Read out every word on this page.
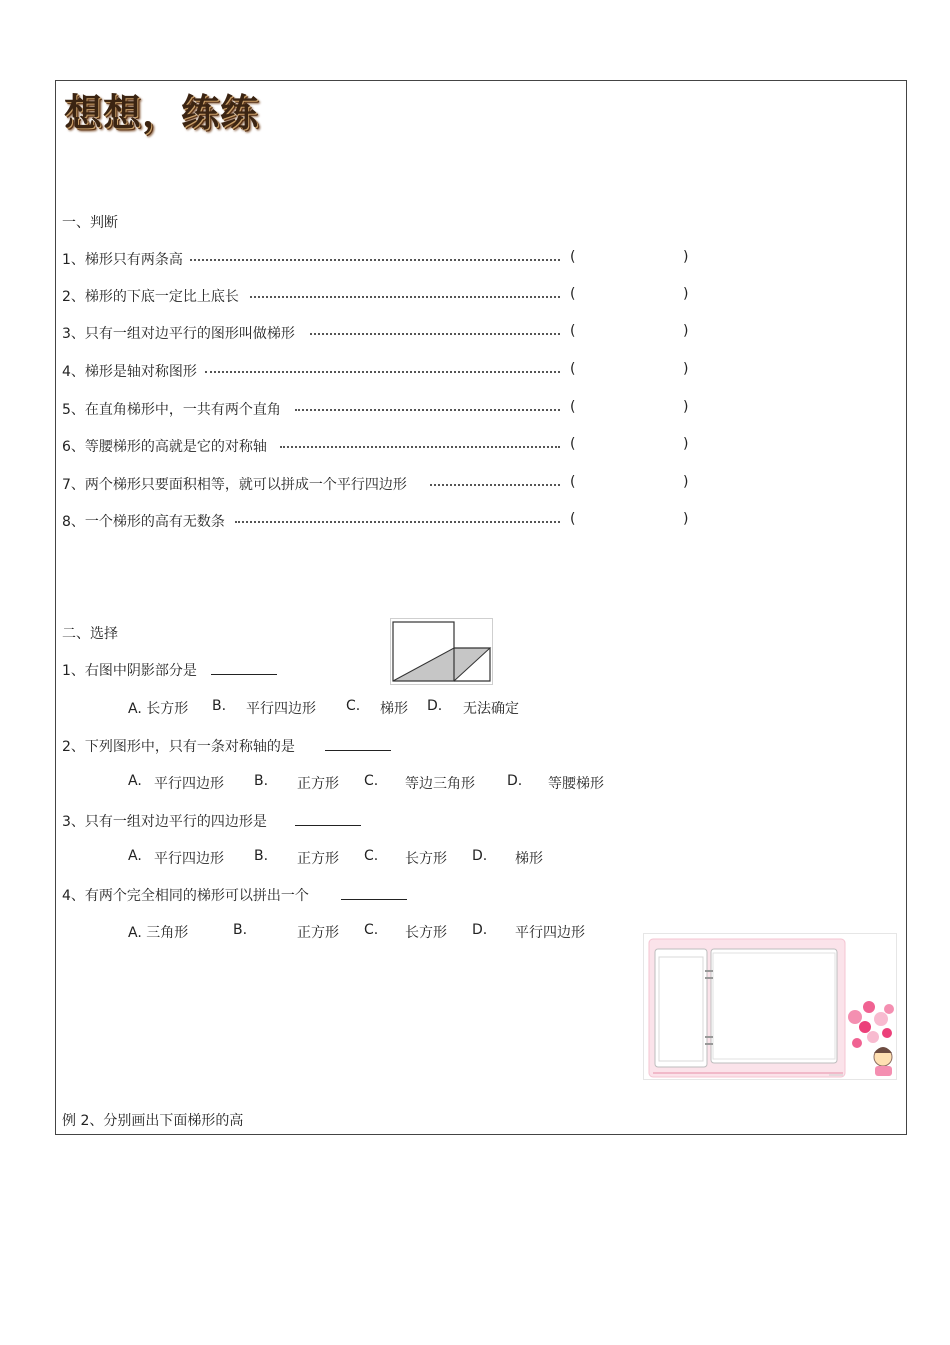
想想，练练
一、判断
1、梯形只有两条高	(	)
2、梯形的下底一定比上底长	(	)
3、只有一组对边平行的图形叫做梯形	(	)
4、梯形是轴对称图形	(	)
5、在直角梯形中，一共有两个直角	(	)
6、等腰梯形的高就是它的对称轴	(	)
7、两个梯形只要面积相等，就可以拼成一个平行四边形	(	)
8、一个梯形的高有无数条	(	)
二、选择
1、右图中阴影部分是
A. 长方形 B. 平行四边形 C. 梯形 D. 无法确定
2、下列图形中，只有一条对称轴的是
A. 平行四边形 B. 正方形 C. 等边三角形 D. 等腰梯形
3、只有一组对边平行的四边形是
A. 平行四边形 B. 正方形 C. 长方形 D. 梯形
4、有两个完全相同的梯形可以拼出一个
A. 三角形	B.	正方形 C. 长方形 D. 平行四边形
例 2、分别画出下面梯形的高
